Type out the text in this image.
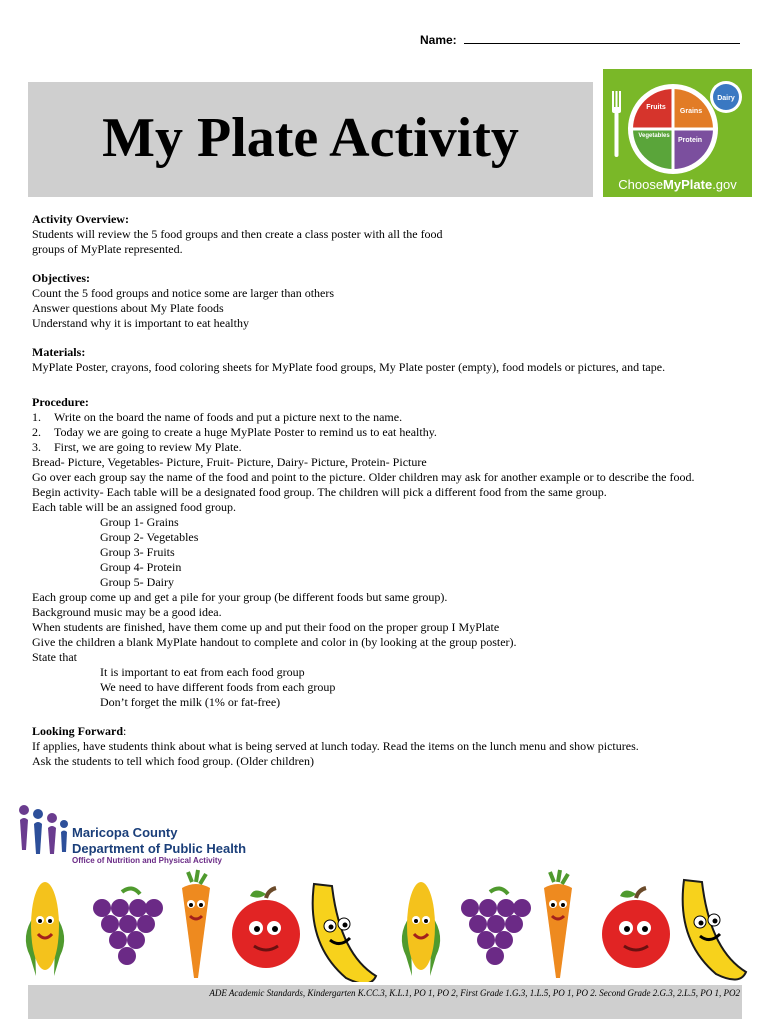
Name:
My Plate Activity	Fruits
Grains
Vegetables
Protein
Dairy
ChooseMyPlate.gov
Activity Overview:
Students will review the 5 food groups and then create a class poster with all the food
groups of MyPlate represented.
Objectives:
Count the 5 food groups and notice some are larger than others
Answer questions about My Plate foods
Understand why it is important to eat healthy
Materials:
MyPlate Poster, crayons, food coloring sheets for MyPlate food groups, My Plate poster (empty), food models or pictures, and tape.
Procedure:
1. Write on the board the name of foods and put a picture next to the name.
2. Today we are going to create a huge MyPlate Poster to remind us to eat healthy.
3. First, we are going to review My Plate.
Bread- Picture, Vegetables- Picture, Fruit- Picture, Dairy- Picture, Protein- Picture
Go over each group say the name of the food and point to the picture. Older children may ask for another example or to describe the food.
Begin activity- Each table will be a designated food group. The children will pick a different food from the same group.
Each table will be an assigned food group.
Group 1- Grains
Group 2- Vegetables
Group 3- Fruits
Group 4- Protein
Group 5- Dairy
Each group come up and get a pile for your group (be different foods but same group).
Background music may be a good idea.
When students are finished, have them come up and put their food on the proper group I MyPlate
Give the children a blank MyPlate handout to complete and color in (by looking at the group poster).
State that
It is important to eat from each food group
We need to have different foods from each group
Don’t forget the milk (1% or fat-free)
Looking Forward:
If applies, have students think about what is being served at lunch today. Read the items on the lunch menu and show pictures.
Ask the students to tell which food group. (Older children)
Maricopa County
Department of Public Health
Office of Nutrition and Physical Activity
ADE Academic Standards, Kindergarten K.CC.3, K.L.1, PO 1, PO 2, First Grade 1.G.3, 1.L.5, PO 1, PO 2. Second Grade 2.G.3, 2.L.5, PO 1, PO2
